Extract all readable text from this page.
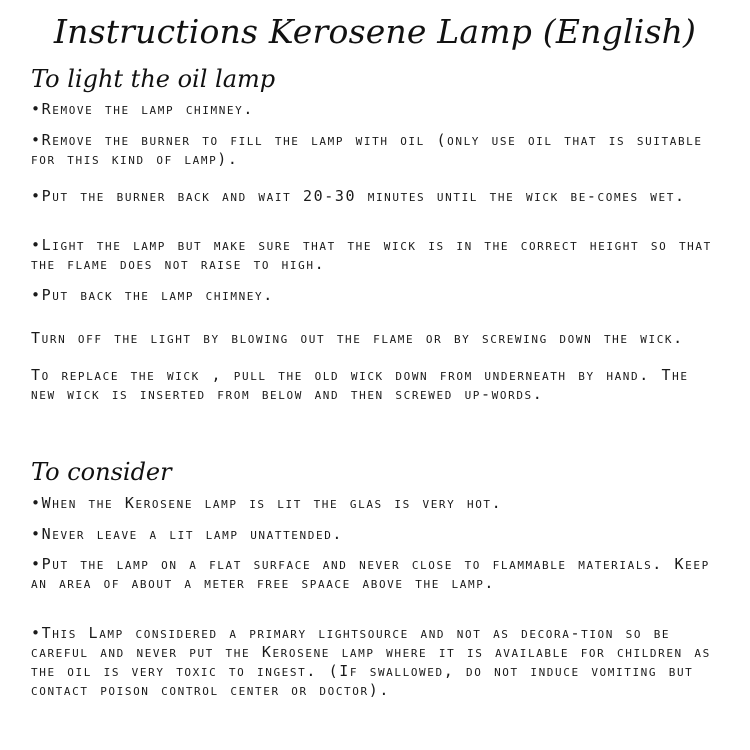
Instructions Kerosene Lamp (English)
To light the oil lamp
•Remove the lamp chimney.
•Remove the burner to fill the lamp with oil (only use oil that is suitable for this kind of lamp).
•Put the burner back and wait 20-30 minutes until the wick be-comes wet.
•Light the lamp but make sure that the wick is in the correct height so that the flame does not raise to high.
•Put back the lamp chimney.
Turn off the light by blowing out the flame or by screwing down the wick.
To replace the wick , pull the old wick down from underneath by hand. The new wick is inserted from below and then screwed up-words.
To consider
•When the Kerosene lamp is lit the glas is very hot.
•Never leave a lit lamp unattended.
•Put the lamp on a flat surface and never close to flammable materials. Keep an area of about a meter free spaace above the lamp.
•This Lamp considered a primary lightsource and not as decora-tion so be careful and never put the Kerosene lamp where it is available for children as the oil is very toxic to ingest. (If swallowed, do not induce vomiting but contact poison control center or doctor).
